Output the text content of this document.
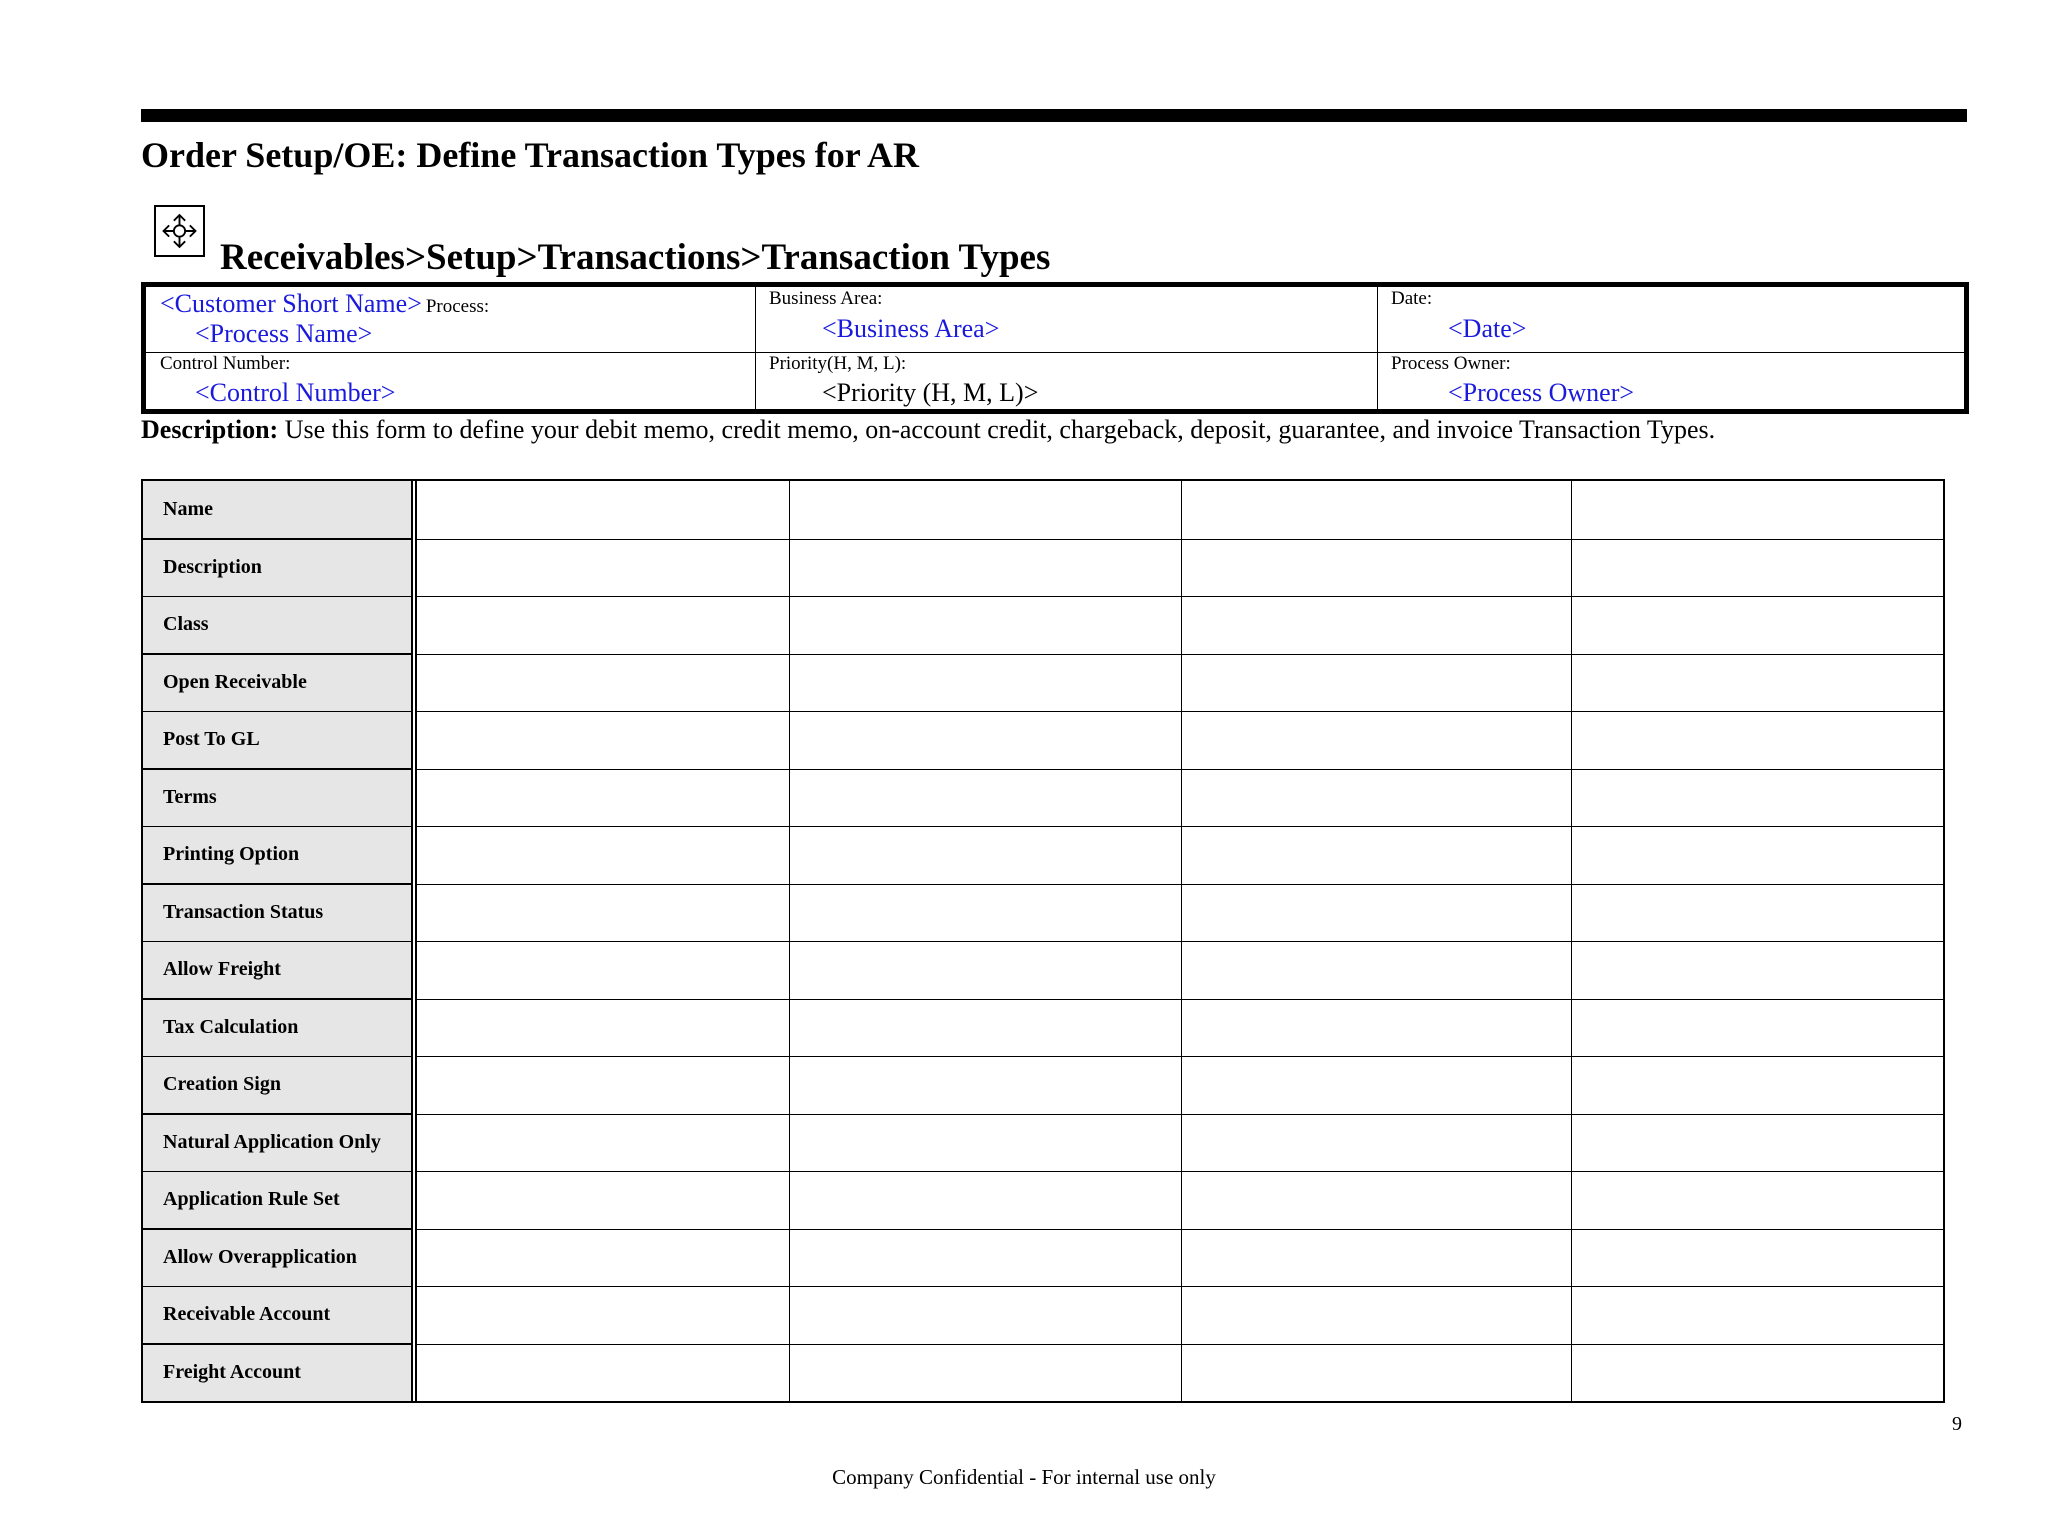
Order Setup/OE: Define Transaction Types for AR
Receivables>Setup>Transactions>Transaction Types
<Customer Short Name> Process:
<Process Name>
Business Area:
<Business Area>
Date:
<Date>
Control Number:
<Control Number>
Priority(H, M, L):
<Priority (H, M, L)>
Process Owner:
<Process Owner>
Description: Use this form to define your debit memo, credit memo, on-account credit, chargeback, deposit, guarantee, and invoice Transaction Types.
Name
Description
Class
Open Receivable
Post To GL
Terms
Printing Option
Transaction Status
Allow Freight
Tax Calculation
Creation Sign
Natural Application Only
Application Rule Set
Allow Overapplication
Receivable Account
Freight Account
9
Company Confidential - For internal use only
